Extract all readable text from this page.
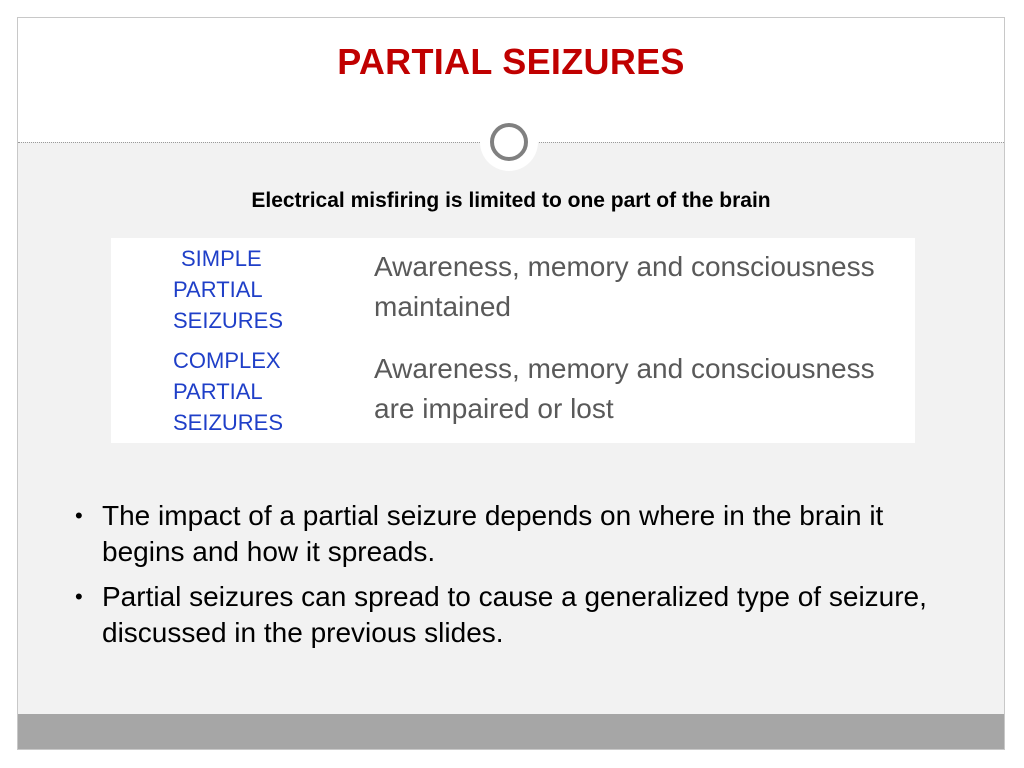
PARTIAL SEIZURES

Electrical misfiring is limited to one part of the brain

SIMPLE
PARTIAL
SEIZURES
Awareness, memory and consciousness maintained
COMPLEX
PARTIAL
SEIZURES
Awareness, memory and consciousness are impaired or lost
• The impact of a partial seizure depends on where in the brain it begins and how it spreads.
• Partial seizures can spread to cause a generalized type of seizure, discussed in the previous slides.
